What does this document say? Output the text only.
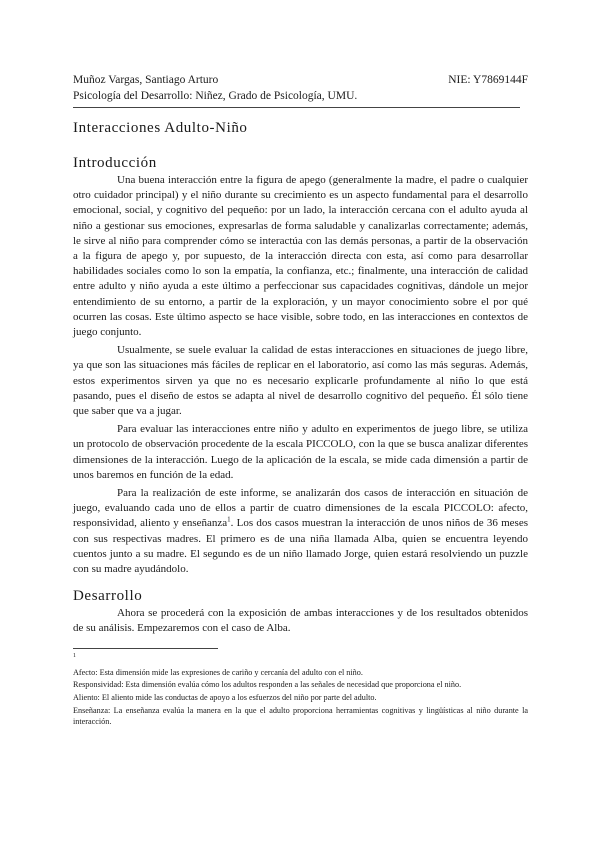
Muñoz Vargas, Santiago Arturo	NIE: Y7869144F
Psicología del Desarrollo: Niñez, Grado de Psicología, UMU.
Interacciones Adulto-Niño
Introducción

Una buena interacción entre la figura de apego (generalmente la madre, el padre o cualquier otro cuidador principal) y el niño durante su crecimiento es un aspecto fundamental para el desarrollo emocional, social, y cognitivo del pequeño: por un lado, la interacción cercana con el adulto ayuda al niño a gestionar sus emociones, expresarlas de forma saludable y canalizarlas correctamente; además, le sirve al niño para comprender cómo se interactúa con las demás personas, a partir de la observación a la figura de apego y, por supuesto, de la interacción directa con esta, así como para desarrollar habilidades sociales como lo son la empatía, la confianza, etc.; finalmente, una interacción de calidad entre adulto y niño ayuda a este último a perfeccionar sus capacidades cognitivas, dándole un mejor entendimiento de su entorno, a partir de la exploración, y un mayor conocimiento sobre el por qué ocurren las cosas. Este último aspecto se hace visible, sobre todo, en las interacciones en contextos de juego conjunto.

Usualmente, se suele evaluar la calidad de estas interacciones en situaciones de juego libre, ya que son las situaciones más fáciles de replicar en el laboratorio, así como las más seguras. Además, estos experimentos sirven ya que no es necesario explicarle profundamente al niño lo que está pasando, pues el diseño de estos se adapta al nivel de desarrollo cognitivo del pequeño. Él sólo tiene que saber que va a jugar.

Para evaluar las interacciones entre niño y adulto en experimentos de juego libre, se utiliza un protocolo de observación procedente de la escala PICCOLO, con la que se busca analizar diferentes dimensiones de la interacción. Luego de la aplicación de la escala, se mide cada dimensión a partir de unos baremos en función de la edad.

Para la realización de este informe, se analizarán dos casos de interacción en situación de juego, evaluando cada uno de ellos a partir de cuatro dimensiones de la escala PICCOLO: afecto, responsividad, aliento y enseñanza$^1$. Los dos casos muestran la interacción de unos niños de 36 meses con sus respectivas madres. El primero es de una niña llamada Alba, quien se encuentra leyendo cuentos junto a su madre. El segundo es de un niño llamado Jorge, quien estará resolviendo un puzzle con su madre ayudándolo.

Desarrollo

Ahora se procederá con la exposición de ambas interacciones y de los resultados obtenidos de su análisis. Empezaremos con el caso de Alba.

1

Afecto: Esta dimensión mide las expresiones de cariño y cercanía del adulto con el niño.

Responsividad: Esta dimensión evalúa cómo los adultos responden a las señales de necesidad que proporciona el niño.

Aliento: El aliento mide las conductas de apoyo a los esfuerzos del niño por parte del adulto.

Enseñanza: La enseñanza evalúa la manera en la que el adulto proporciona herramientas cognitivas y lingüísticas al niño durante la interacción.
